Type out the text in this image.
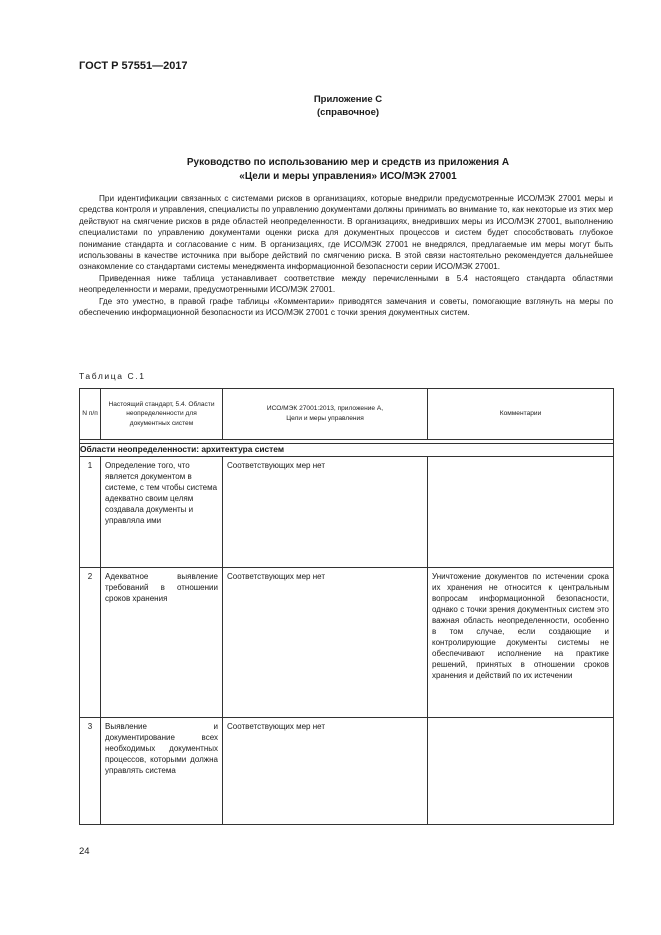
ГОСТ Р 57551—2017
Приложение С
(справочное)
Руководство по использованию мер и средств из приложения А
«Цели и меры управления» ИСО/МЭК 27001

При идентификации связанных с системами рисков в организациях, которые внедрили предусмотренные ИСО/МЭК 27001 меры и средства контроля и управления, специалисты по управлению документами должны принимать во внимание то, как некоторые из этих мер действуют на смягчение рисков в ряде областей неопределенности. В организациях, внедривших меры из ИСО/МЭК 27001, выполнению специалистами по управлению документами оценки риска для документных процессов и систем будет способствовать глубокое понимание стандарта и согласование с ним. В организациях, где ИСО/МЭК 27001 не внедрялся, предлагаемые им меры могут быть использованы в качестве источника при выборе действий по смягчению риска. В этой связи настоятельно рекомендуется дальнейшее ознакомление со стандартами системы менеджмента информационной безопасности серии ИСО/МЭК 27001.

Приведенная ниже таблица устанавливает соответствие между перечисленными в 5.4 настоящего стандарта областями неопределенности и мерами, предусмотренными ИСО/МЭК 27001.

Где это уместно, в правой графе таблицы «Комментарии» приводятся замечания и советы, помогающие взглянуть на меры по обеспечению информационной безопасности из ИСО/МЭК 27001 с точки зрения документных систем.

Таблица С.1
N п/п	Настоящий стандарт, 5.4. Области неопределенности для документных систем	ИСО/МЭК 27001:2013, приложение А, Цели и меры управления	Комментарии

Области неопределенности: архитектура систем			
1	Определение того, что является документом в системе, с тем чтобы система адекватно своим целям создавала документы и управляла ими	Соответствующих мер нет	
2	Адекватное выявление требований в отношении сроков хранения	Соответствующих мер нет	Уничтожение документов по истечении срока их хранения не относится к центральным вопросам информационной безопасности, однако с точки зрения документных систем это важная область неопределенности, особенно в том случае, если создающие и контролирующие документы системы не обеспечивают исполнение на практике решений, принятых в отношении сроков хранения и действий по их истечении
3	Выявление и документирование всех необходимых документных процессов, которыми должна управлять система	Соответствующих мер нет	
24
